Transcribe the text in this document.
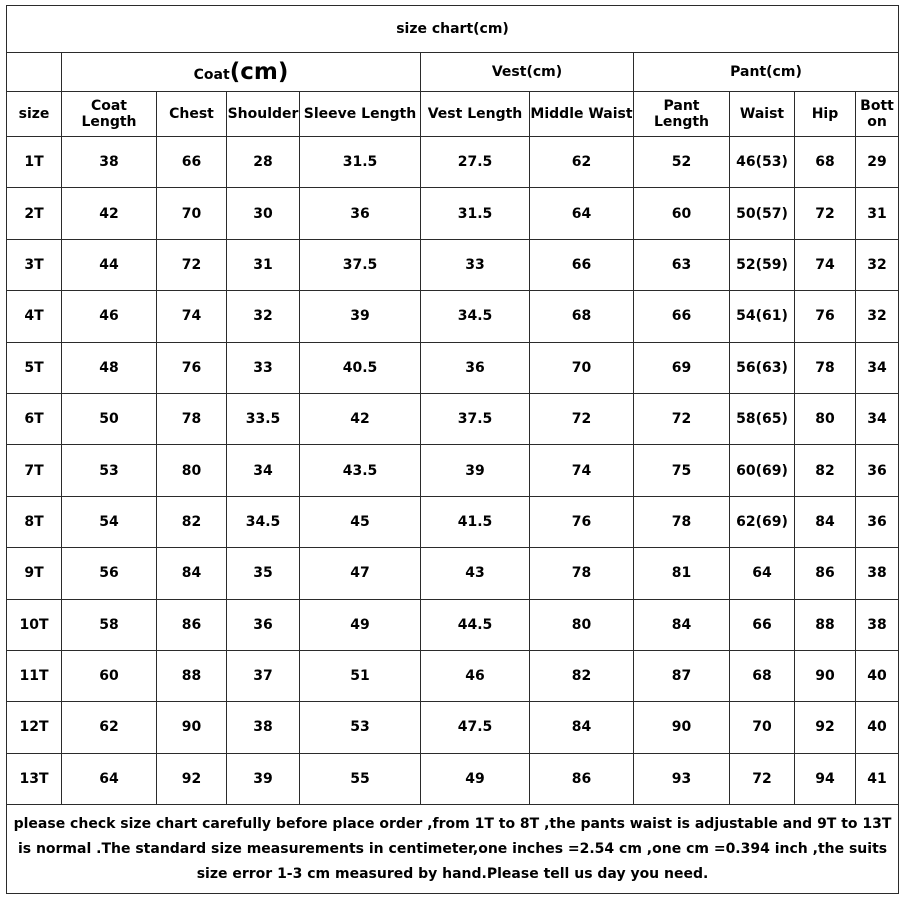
size chart(cm)										
	Coat(cm)				Vest(cm)		Pant(cm)			
size	Coat Length	Chest	Shoulder	Sleeve Length	Vest Length	Middle Waist	Pant Length	Waist	Hip	Bott on
1T	38	66	28	31.5	27.5	62	52	46(53)	68	29
2T	42	70	30	36	31.5	64	60	50(57)	72	31
3T	44	72	31	37.5	33	66	63	52(59)	74	32
4T	46	74	32	39	34.5	68	66	54(61)	76	32
5T	48	76	33	40.5	36	70	69	56(63)	78	34
6T	50	78	33.5	42	37.5	72	72	58(65)	80	34
7T	53	80	34	43.5	39	74	75	60(69)	82	36
8T	54	82	34.5	45	41.5	76	78	62(69)	84	36
9T	56	84	35	47	43	78	81	64	86	38
10T	58	86	36	49	44.5	80	84	66	88	38
11T	60	88	37	51	46	82	87	68	90	40
12T	62	90	38	53	47.5	84	90	70	92	40
13T	64	92	39	55	49	86	93	72	94	41
please check size chart carefully before place order ,from 1T to 8T ,the pants waist is adjustable and 9T to 13T is normal .The standard size measurements in centimeter,one inches =2.54 cm ,one cm =0.394 inch ,the suits size error 1-3 cm measured by hand.Please tell us day you need.										
